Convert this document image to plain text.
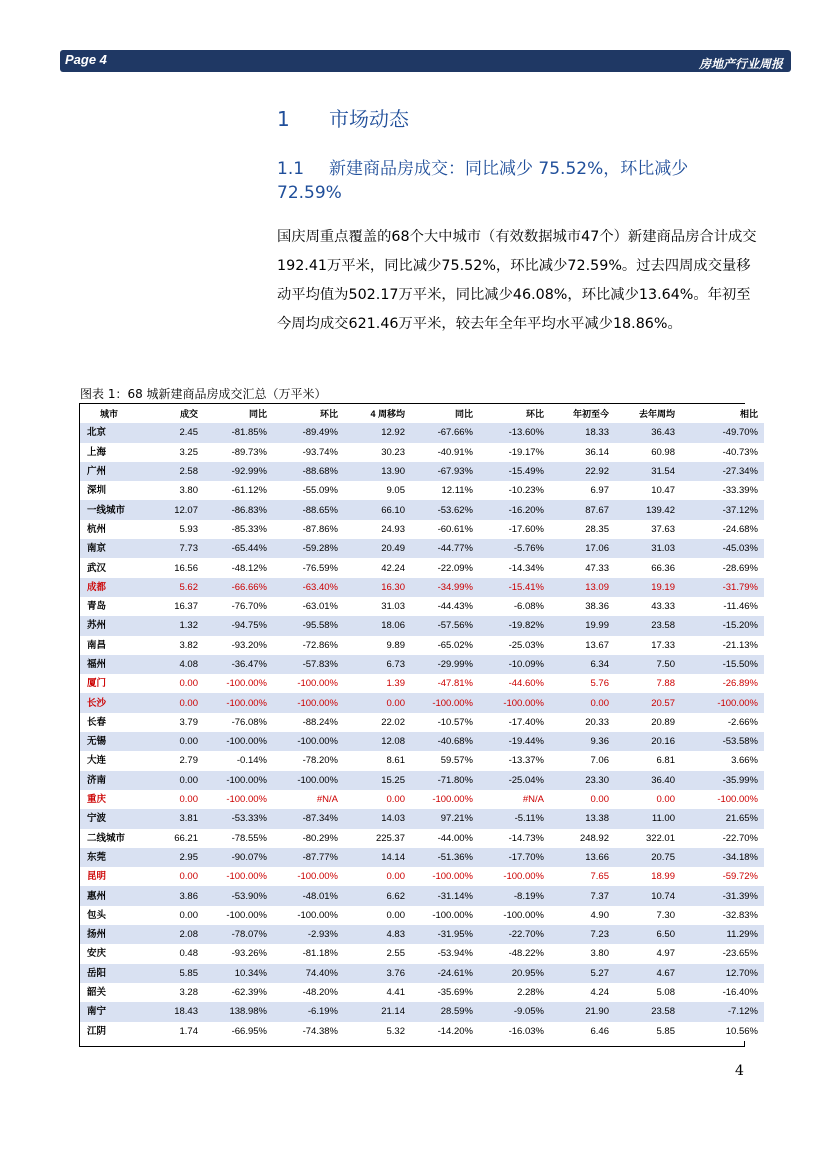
Page 4	房地产行业周报
1 市场动态
1.1 新建商品房成交：同比减少 75.52%，环比减少 72.59%
国庆周重点覆盖的68个大中城市（有效数据城市47个）新建商品房合计成交192.41万平米，同比减少75.52%，环比减少72.59%。过去四周成交量移动平均值为502.17万平米，同比减少46.08%，环比减少13.64%。年初至今周均成交621.46万平米，较去年全年平均水平减少18.86%。
图表 1：68 城新建商品房成交汇总（万平米）
城市	成交	同比	环比	4 周移均	同比	环比	年初至今	去年周均	相比
北京	2.45	-81.85%	-89.49%	12.92	-67.66%	-13.60%	18.33	36.43	-49.70%
上海	3.25	-89.73%	-93.74%	30.23	-40.91%	-19.17%	36.14	60.98	-40.73%
广州	2.58	-92.99%	-88.68%	13.90	-67.93%	-15.49%	22.92	31.54	-27.34%
深圳	3.80	-61.12%	-55.09%	9.05	12.11%	-10.23%	6.97	10.47	-33.39%
一线城市	12.07	-86.83%	-88.65%	66.10	-53.62%	-16.20%	87.67	139.42	-37.12%
杭州	5.93	-85.33%	-87.86%	24.93	-60.61%	-17.60%	28.35	37.63	-24.68%
南京	7.73	-65.44%	-59.28%	20.49	-44.77%	-5.76%	17.06	31.03	-45.03%
武汉	16.56	-48.12%	-76.59%	42.24	-22.09%	-14.34%	47.33	66.36	-28.69%
成都	5.62	-66.66%	-63.40%	16.30	-34.99%	-15.41%	13.09	19.19	-31.79%
青岛	16.37	-76.70%	-63.01%	31.03	-44.43%	-6.08%	38.36	43.33	-11.46%
苏州	1.32	-94.75%	-95.58%	18.06	-57.56%	-19.82%	19.99	23.58	-15.20%
南昌	3.82	-93.20%	-72.86%	9.89	-65.02%	-25.03%	13.67	17.33	-21.13%
福州	4.08	-36.47%	-57.83%	6.73	-29.99%	-10.09%	6.34	7.50	-15.50%
厦门	0.00	-100.00%	-100.00%	1.39	-47.81%	-44.60%	5.76	7.88	-26.89%
长沙	0.00	-100.00%	-100.00%	0.00	-100.00%	-100.00%	0.00	20.57	-100.00%
长春	3.79	-76.08%	-88.24%	22.02	-10.57%	-17.40%	20.33	20.89	-2.66%
无锡	0.00	-100.00%	-100.00%	12.08	-40.68%	-19.44%	9.36	20.16	-53.58%
大连	2.79	-0.14%	-78.20%	8.61	59.57%	-13.37%	7.06	6.81	3.66%
济南	0.00	-100.00%	-100.00%	15.25	-71.80%	-25.04%	23.30	36.40	-35.99%
重庆	0.00	-100.00%	#N/A	0.00	-100.00%	#N/A	0.00	0.00	-100.00%
宁波	3.81	-53.33%	-87.34%	14.03	97.21%	-5.11%	13.38	11.00	21.65%
二线城市	66.21	-78.55%	-80.29%	225.37	-44.00%	-14.73%	248.92	322.01	-22.70%
东莞	2.95	-90.07%	-87.77%	14.14	-51.36%	-17.70%	13.66	20.75	-34.18%
昆明	0.00	-100.00%	-100.00%	0.00	-100.00%	-100.00%	7.65	18.99	-59.72%
惠州	3.86	-53.90%	-48.01%	6.62	-31.14%	-8.19%	7.37	10.74	-31.39%
包头	0.00	-100.00%	-100.00%	0.00	-100.00%	-100.00%	4.90	7.30	-32.83%
扬州	2.08	-78.07%	-2.93%	4.83	-31.95%	-22.70%	7.23	6.50	11.29%
安庆	0.48	-93.26%	-81.18%	2.55	-53.94%	-48.22%	3.80	4.97	-23.65%
岳阳	5.85	10.34%	74.40%	3.76	-24.61%	20.95%	5.27	4.67	12.70%
韶关	3.28	-62.39%	-48.20%	4.41	-35.69%	2.28%	4.24	5.08	-16.40%
南宁	18.43	138.98%	-6.19%	21.14	28.59%	-9.05%	21.90	23.58	-7.12%
江阴	1.74	-66.95%	-74.38%	5.32	-14.20%	-16.03%	6.46	5.85	10.56%
4
